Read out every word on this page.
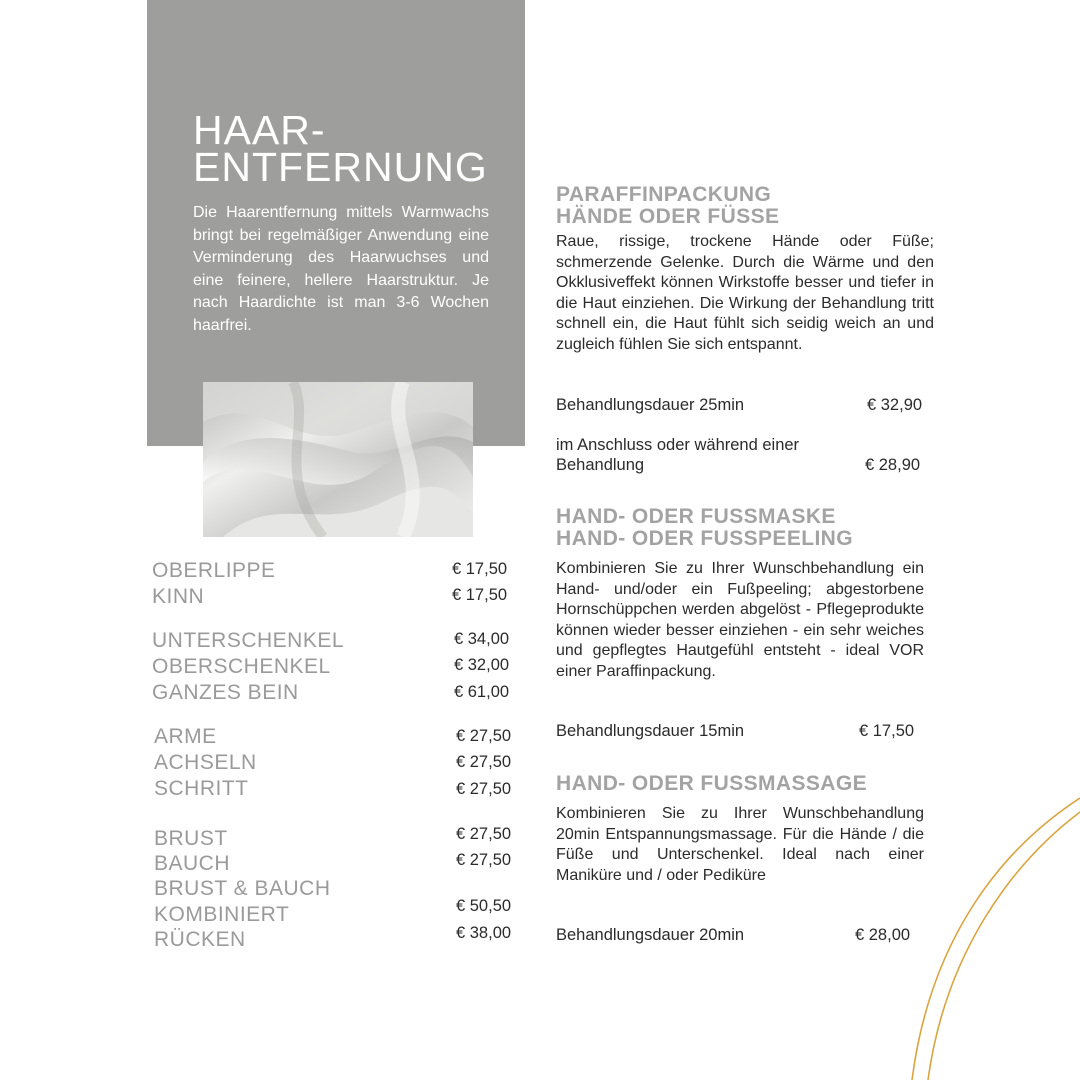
HAAR-
ENTFERNUNG

Die Haarentfernung mittels Warmwachs bringt bei regelmäßiger Anwendung eine Verminderung des Haarwuchses und eine feinere, hellere Haarstruktur. Je nach Haardichte ist man 3-6 Wochen haarfrei.

OBERLIPPE	€ 17,50
KINN	€ 17,50
UNTERSCHENKEL	€ 34,00
OBERSCHENKEL	€ 32,00
GANZES BEIN	€ 61,00
ARME	€ 27,50
ACHSELN	€ 27,50
SCHRITT	€ 27,50
BRUST	€ 27,50
BAUCH	€ 27,50
BRUST & BAUCH
KOMBINIERT	€ 50,50
RÜCKEN	€ 38,00
PARAFFINPACKUNG
HÄNDE ODER FÜSSE

Raue, rissige, trockene Hände oder Füße; schmerzende Gelenke. Durch die Wärme und den Okklusiveffekt können Wirkstoffe besser und tiefer in die Haut einziehen. Die Wirkung der Behandlung tritt schnell ein, die Haut fühlt sich seidig weich an und zugleich fühlen Sie sich entspannt.

Behandlungsdauer 25min	€ 32,90
im Anschluss oder während einer
Behandlung	€ 28,90
HAND- ODER FUSSMASKE
HAND- ODER FUSSPEELING

Kombinieren Sie zu Ihrer Wunschbehandlung ein Hand- und/oder ein Fußpeeling; abgestorbene Hornschüppchen werden abgelöst - Pflegeprodukte können wieder besser einziehen - ein sehr weiches und gepflegtes Hautgefühl entsteht - ideal VOR einer Paraffinpackung.

Behandlungsdauer 15min	€ 17,50
HAND- ODER FUSSMASSAGE

Kombinieren Sie zu Ihrer Wunschbehandlung 20min Entspannungsmassage. Für die Hände / die Füße und Unterschenkel. Ideal nach einer Maniküre und / oder Pediküre

Behandlungsdauer 20min	€ 28,00
